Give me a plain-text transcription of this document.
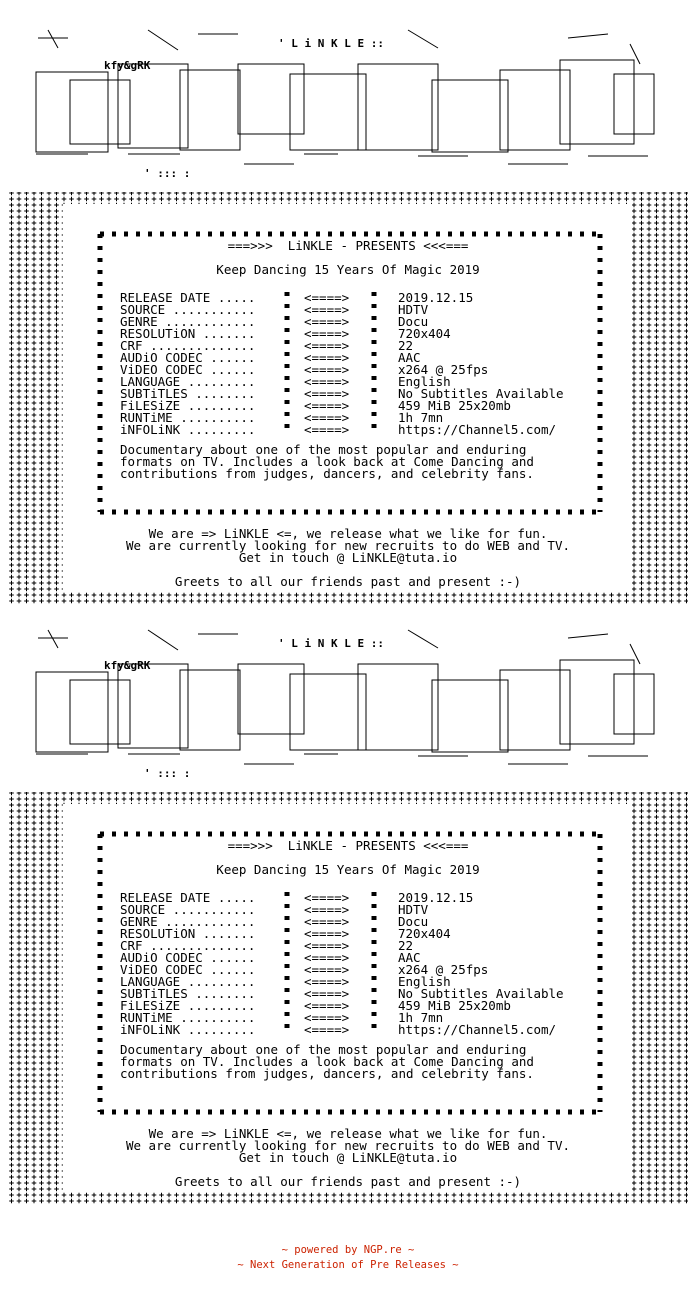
' L i N K L E ::
kfy&gRK
' ::: :
===>>>  LiNKLE - PRESENTS <<<===
Keep Dancing 15 Years Of Magic 2019
RELEASE DATE .....	<====>	2019.12.15
SOURCE ...........	<====>	HDTV
GENRE ............	<====>	Docu
RESOLUTiON .......	<====>	720x404
CRF ..............	<====>	22
AUDiO CODEC ......	<====>	AAC
ViDEO CODEC ......	<====>	x264 @ 25fps
LANGUAGE .........	<====>	English
SUBTiTLES ........	<====>	No Subtitles Available
FiLESiZE .........	<====>	459 MiB 25x20mb
RUNTiME ..........	<====>	1h 7mn
iNFOLiNK .........	<====>	https://Channel5.com/
Documentary about one of the most popular and enduring
formats on TV. Includes a look back at Come Dancing and
contributions from judges, dancers, and celebrity fans.
We are => LiNKLE <=, we release what we like for fun.
We are currently looking for new recruits to do WEB and TV.
Get in touch @ LiNKLE@tuta.io
Greets to all our friends past and present :-)
' L i N K L E ::
kfy&gRK
' ::: :
===>>>  LiNKLE - PRESENTS <<<===
Keep Dancing 15 Years Of Magic 2019
RELEASE DATE .....	<====>	2019.12.15
SOURCE ...........	<====>	HDTV
GENRE ............	<====>	Docu
RESOLUTiON .......	<====>	720x404
CRF ..............	<====>	22
AUDiO CODEC ......	<====>	AAC
ViDEO CODEC ......	<====>	x264 @ 25fps
LANGUAGE .........	<====>	English
SUBTiTLES ........	<====>	No Subtitles Available
FiLESiZE .........	<====>	459 MiB 25x20mb
RUNTiME ..........	<====>	1h 7mn
iNFOLiNK .........	<====>	https://Channel5.com/
Documentary about one of the most popular and enduring
formats on TV. Includes a look back at Come Dancing and
contributions from judges, dancers, and celebrity fans.
We are => LiNKLE <=, we release what we like for fun.
We are currently looking for new recruits to do WEB and TV.
Get in touch @ LiNKLE@tuta.io
Greets to all our friends past and present :-)
~ powered by NGP.re ~
~ Next Generation of Pre Releases ~
